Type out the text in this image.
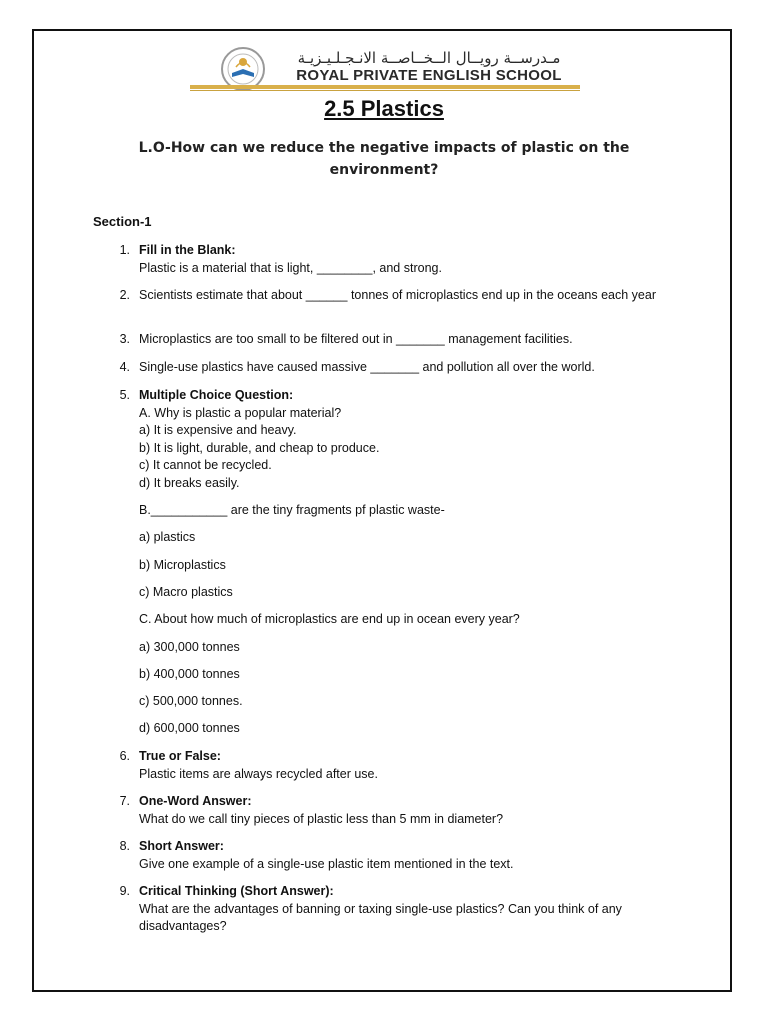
مـدرســة رويــال الــخــاصــة الانـجـلـيـزيـة
ROYAL PRIVATE ENGLISH SCHOOL
2.5 Plastics
L.O-How can we reduce the negative impacts of plastic on the environment?
Section-1
1. Fill in the Blank:
Plastic is a material that is light, ________, and strong.
2. Scientists estimate that about ______ tonnes of microplastics end up in the oceans each year
3. Microplastics are too small to be filtered out in _______ management facilities.
4. Single-use plastics have caused massive _______ and pollution all over the world.
5. Multiple Choice Question:
A. Why is plastic a popular material?
a) It is expensive and heavy.
b) It is light, durable, and cheap to produce.
c) It cannot be recycled.
d) It breaks easily.
B.___________ are the tiny fragments pf plastic waste-
a) plastics
b) Microplastics
c) Macro plastics
C. About how much of microplastics are end up in ocean every year?
a) 300,000 tonnes
b) 400,000 tonnes
c) 500,000 tonnes.
d) 600,000 tonnes
6. True or False:
Plastic items are always recycled after use.
7. One-Word Answer:
What do we call tiny pieces of plastic less than 5 mm in diameter?
8. Short Answer:
Give one example of a single-use plastic item mentioned in the text.
9. Critical Thinking (Short Answer):
What are the advantages of banning or taxing single-use plastics? Can you think of any disadvantages?
